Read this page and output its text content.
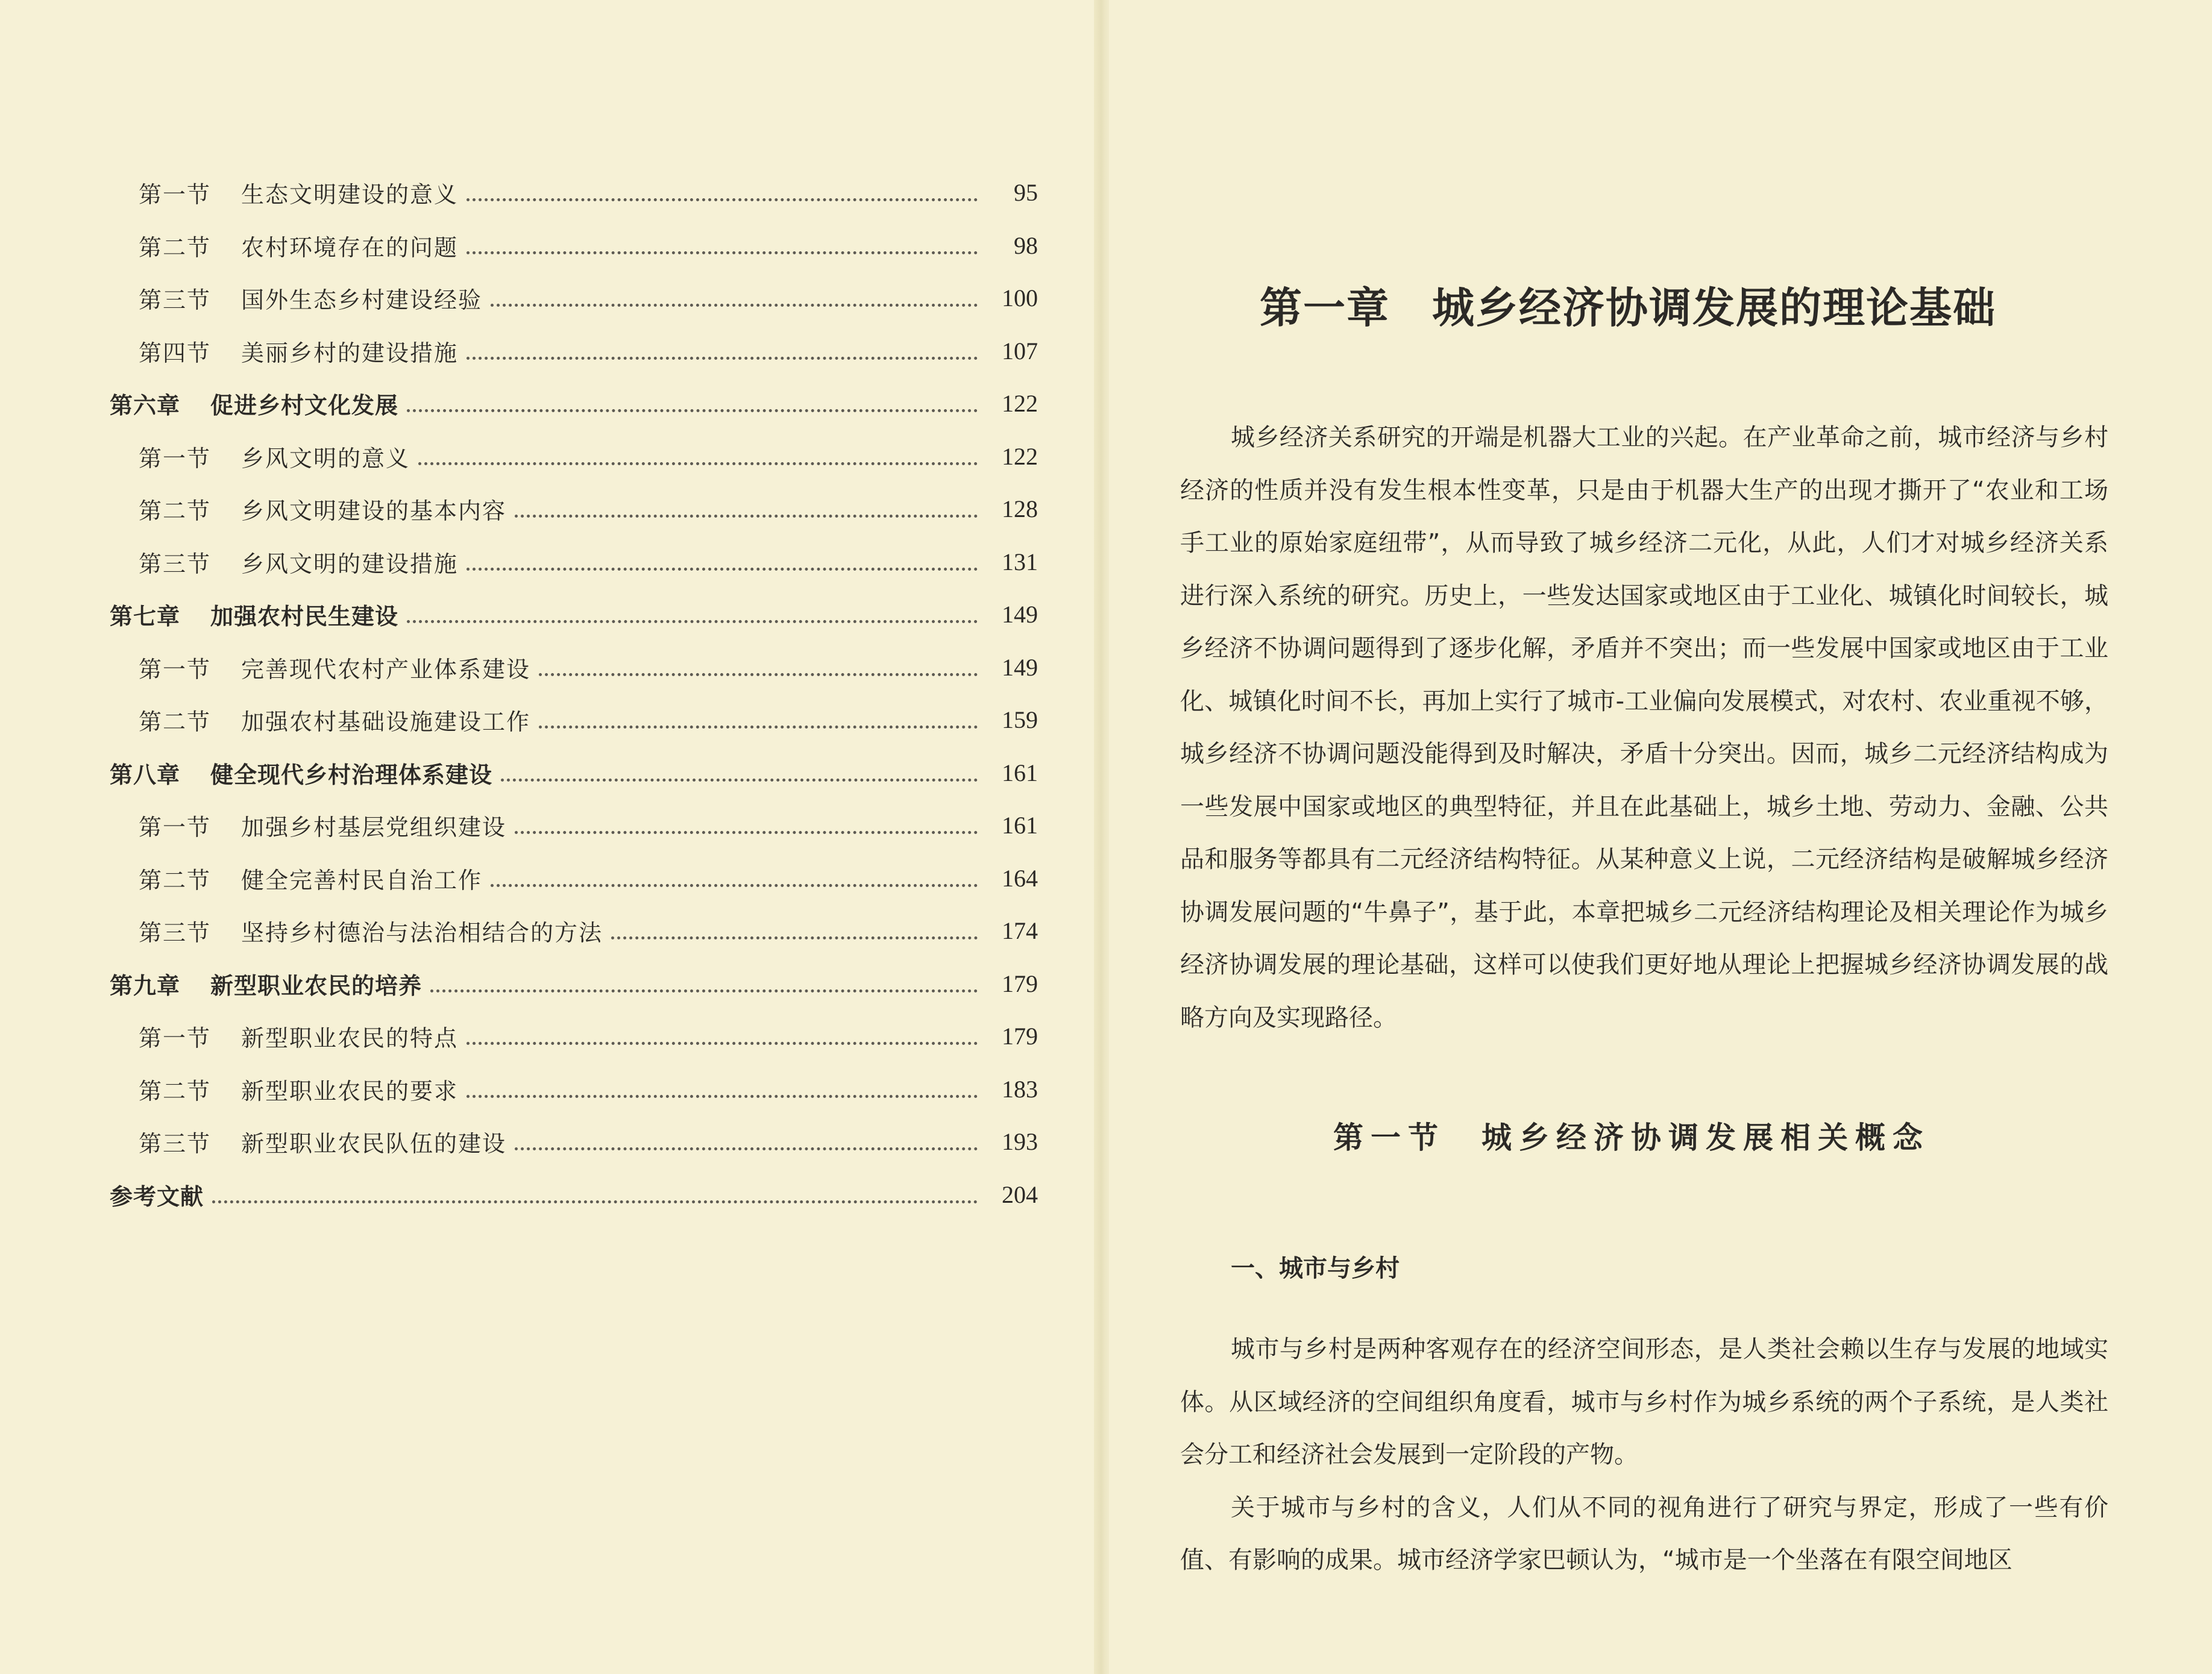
第一节 生态文明建设的意义	95
第二节 农村环境存在的问题	98
第三节 国外生态乡村建设经验	100
第四节 美丽乡村的建设措施	107
第六章 促进乡村文化发展	122
第一节 乡风文明的意义	122
第二节 乡风文明建设的基本内容	128
第三节 乡风文明的建设措施	131
第七章 加强农村民生建设	149
第一节 完善现代农村产业体系建设	149
第二节 加强农村基础设施建设工作	159
第八章 健全现代乡村治理体系建设	161
第一节 加强乡村基层党组织建设	161
第二节 健全完善村民自治工作	164
第三节 坚持乡村德治与法治相结合的方法	174
第九章 新型职业农民的培养	179
第一节 新型职业农民的特点	179
第二节 新型职业农民的要求	183
第三节 新型职业农民队伍的建设	193
参考文献	204
第一章 城乡经济协调发展的理论基础

城乡经济关系研究的开端是机器大工业的兴起。在产业革命之前，城市经济与乡村经济的性质并没有发生根本性变革，只是由于机器大生产的出现才撕开了“农业和工场手工业的原始家庭纽带”，从而导致了城乡经济二元化，从此，人们才对城乡经济关系进行深入系统的研究。历史上，一些发达国家或地区由于工业化、城镇化时间较长，城乡经济不协调问题得到了逐步化解，矛盾并不突出；而一些发展中国家或地区由于工业化、城镇化时间不长，再加上实行了城市-工业偏向发展模式，对农村、农业重视不够，城乡经济不协调问题没能得到及时解决，矛盾十分突出。因而，城乡二元经济结构成为一些发展中国家或地区的典型特征，并且在此基础上，城乡土地、劳动力、金融、公共品和服务等都具有二元经济结构特征。从某种意义上说，二元经济结构是破解城乡经济协调发展问题的“牛鼻子”，基于此，本章把城乡二元经济结构理论及相关理论作为城乡经济协调发展的理论基础，这样可以使我们更好地从理论上把握城乡经济协调发展的战略方向及实现路径。

第一节 城乡经济协调发展相关概念
一、城市与乡村

城市与乡村是两种客观存在的经济空间形态，是人类社会赖以生存与发展的地域实体。从区域经济的空间组织角度看，城市与乡村作为城乡系统的两个子系统，是人类社会分工和经济社会发展到一定阶段的产物。

关于城市与乡村的含义，人们从不同的视角进行了研究与界定，形成了一些有价值、有影响的成果。城市经济学家巴顿认为，“城市是一个坐落在有限空间地区
